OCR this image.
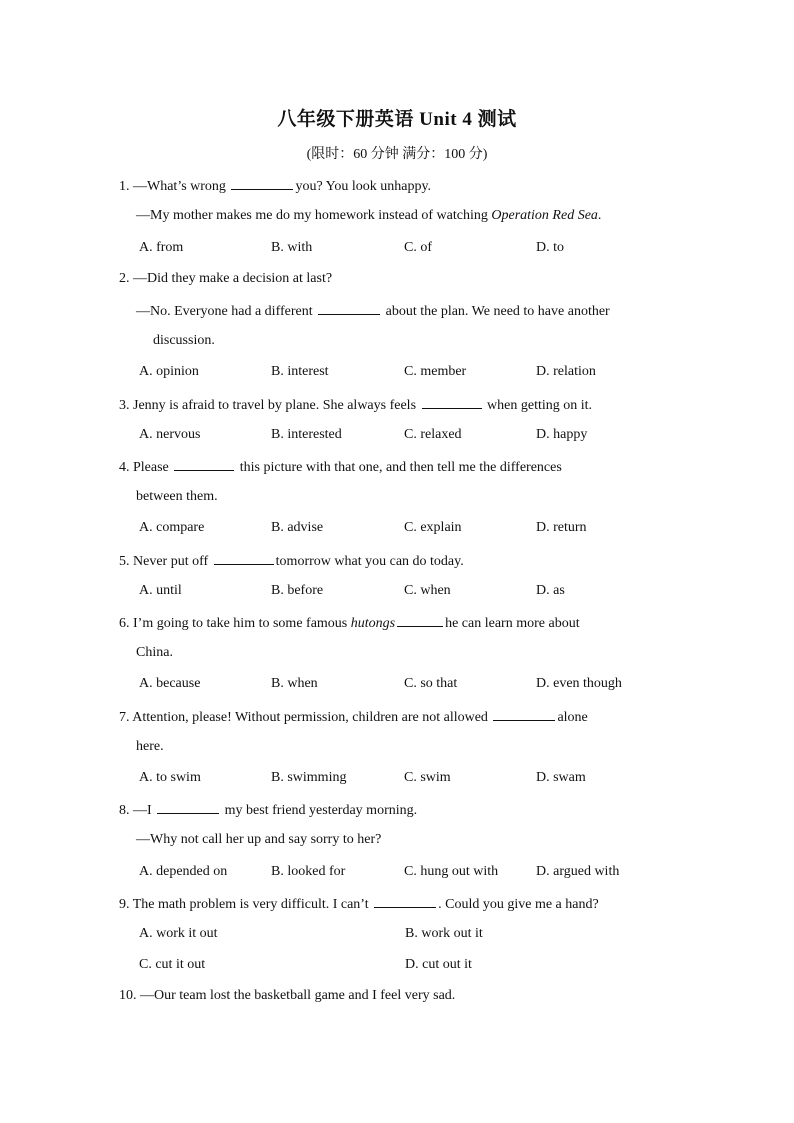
八年级下册英语 Unit 4 测试
(限时：60 分钟 满分：100 分)
1. —What’s wrong	you? You look unhappy.
—My mother makes me do my homework instead of watching Operation Red Sea.
A. from	B. with	C. of	D. to
2. —Did they make a decision at last?
—No. Everyone had a different	about the plan. We need to have another
discussion.
A. opinion	B. interest	C. member	D. relation
3. Jenny is afraid to travel by plane. She always feels	when getting on it.
A. nervous	B. interested	C. relaxed	D. happy
4. Please	this picture with that one, and then tell me the differences
between them.
A. compare	B. advise	C. explain	D. return
5. Never put off	tomorrow what you can do today.
A. until	B. before	C. when	D. as
6. I’m going to take him to some famous hutongs	he can learn more about
China.
A. because	B. when	C. so that	D. even though
7. Attention, please! Without permission, children are not allowed	alone
here.
A. to swim	B. swimming	C. swim	D. swam
8. —I	my best friend yesterday morning.
—Why not call her up and say sorry to her?
A. depended on	B. looked for	C. hung out with	D. argued with
9. The math problem is very difficult. I can’t	. Could you give me a hand?
A. work it out	B. work out it
C. cut it out	D. cut out it
10. —Our team lost the basketball game and I feel very sad.
